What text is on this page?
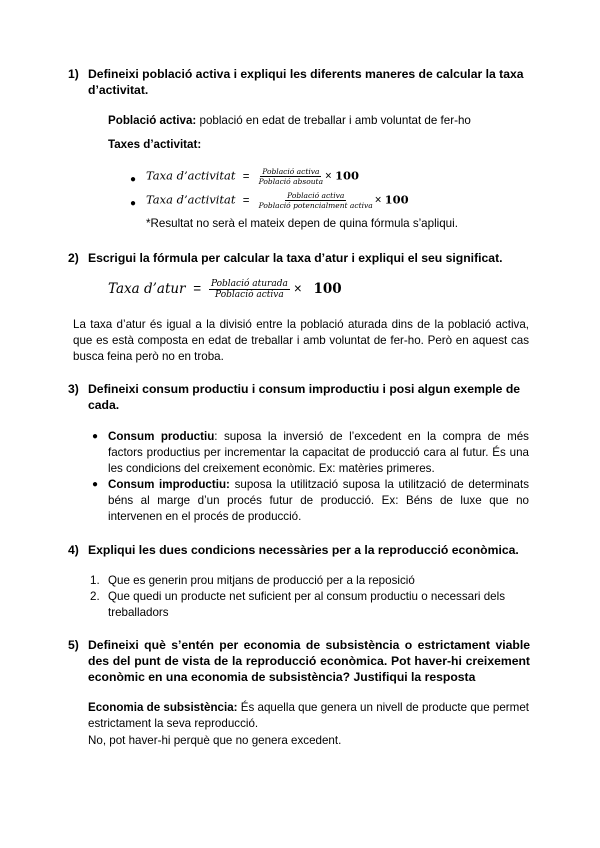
1) Defineixi població activa i expliqui les diferents maneres de calcular la taxa d’activitat.
Població activa: població en edat de treballar i amb voluntat de fer-ho
Taxes d’activitat:
● Taxa d’activitat = $\frac{\text{Població activa}}{\text{Població absouta}} \times 100$
● Taxa d’activitat = $\frac{\text{Població activa}}{\text{Població potencialment activa}} \times 100$
*Resultat no serà el mateix depen de quina fórmula s’apliqui.
2) Escrigui la fórmula per calcular la taxa d’atur i expliqui el seu significat.
Taxa d’atur = $\frac{\text{Població aturada}}{\text{Població activa}} \times 100$
La taxa d’atur és igual a la divisió entre la població aturada dins de la població activa, que es està composta en edat de treballar i amb voluntat de fer-ho. Però en aquest cas busca feina però no en troba.
3) Defineixi consum productiu i consum improductiu i posi algun exemple de cada.
● Consum productiu: suposa la inversió de l’excedent en la compra de més factors productius per incrementar la capacitat de producció cara al futur. És una les condicions del creixement econòmic. Ex: matèries primeres.
● Consum improductiu: suposa la utilització suposa la utilització de determinats béns al marge d’un procés futur de producció. Ex: Béns de luxe que no intervenen en el procés de producció.
4) Expliqui les dues condicions necessàries per a la reproducció econòmica.
1. Que es generin prou mitjans de producció per a la reposició
2. Que quedi un producte net suficient per al consum productiu o necessari dels treballadors
5) Defineixi què s’entén per economia de subsistència o estrictament viable des del punt de vista de la reproducció econòmica. Pot haver-hi creixement econòmic en una economia de subsistència? Justifiqui la resposta
Economia de subsistència: És aquella que genera un nivell de producte que permet estrictament la seva reproducció.
No, pot haver-hi perquè que no genera excedent.
